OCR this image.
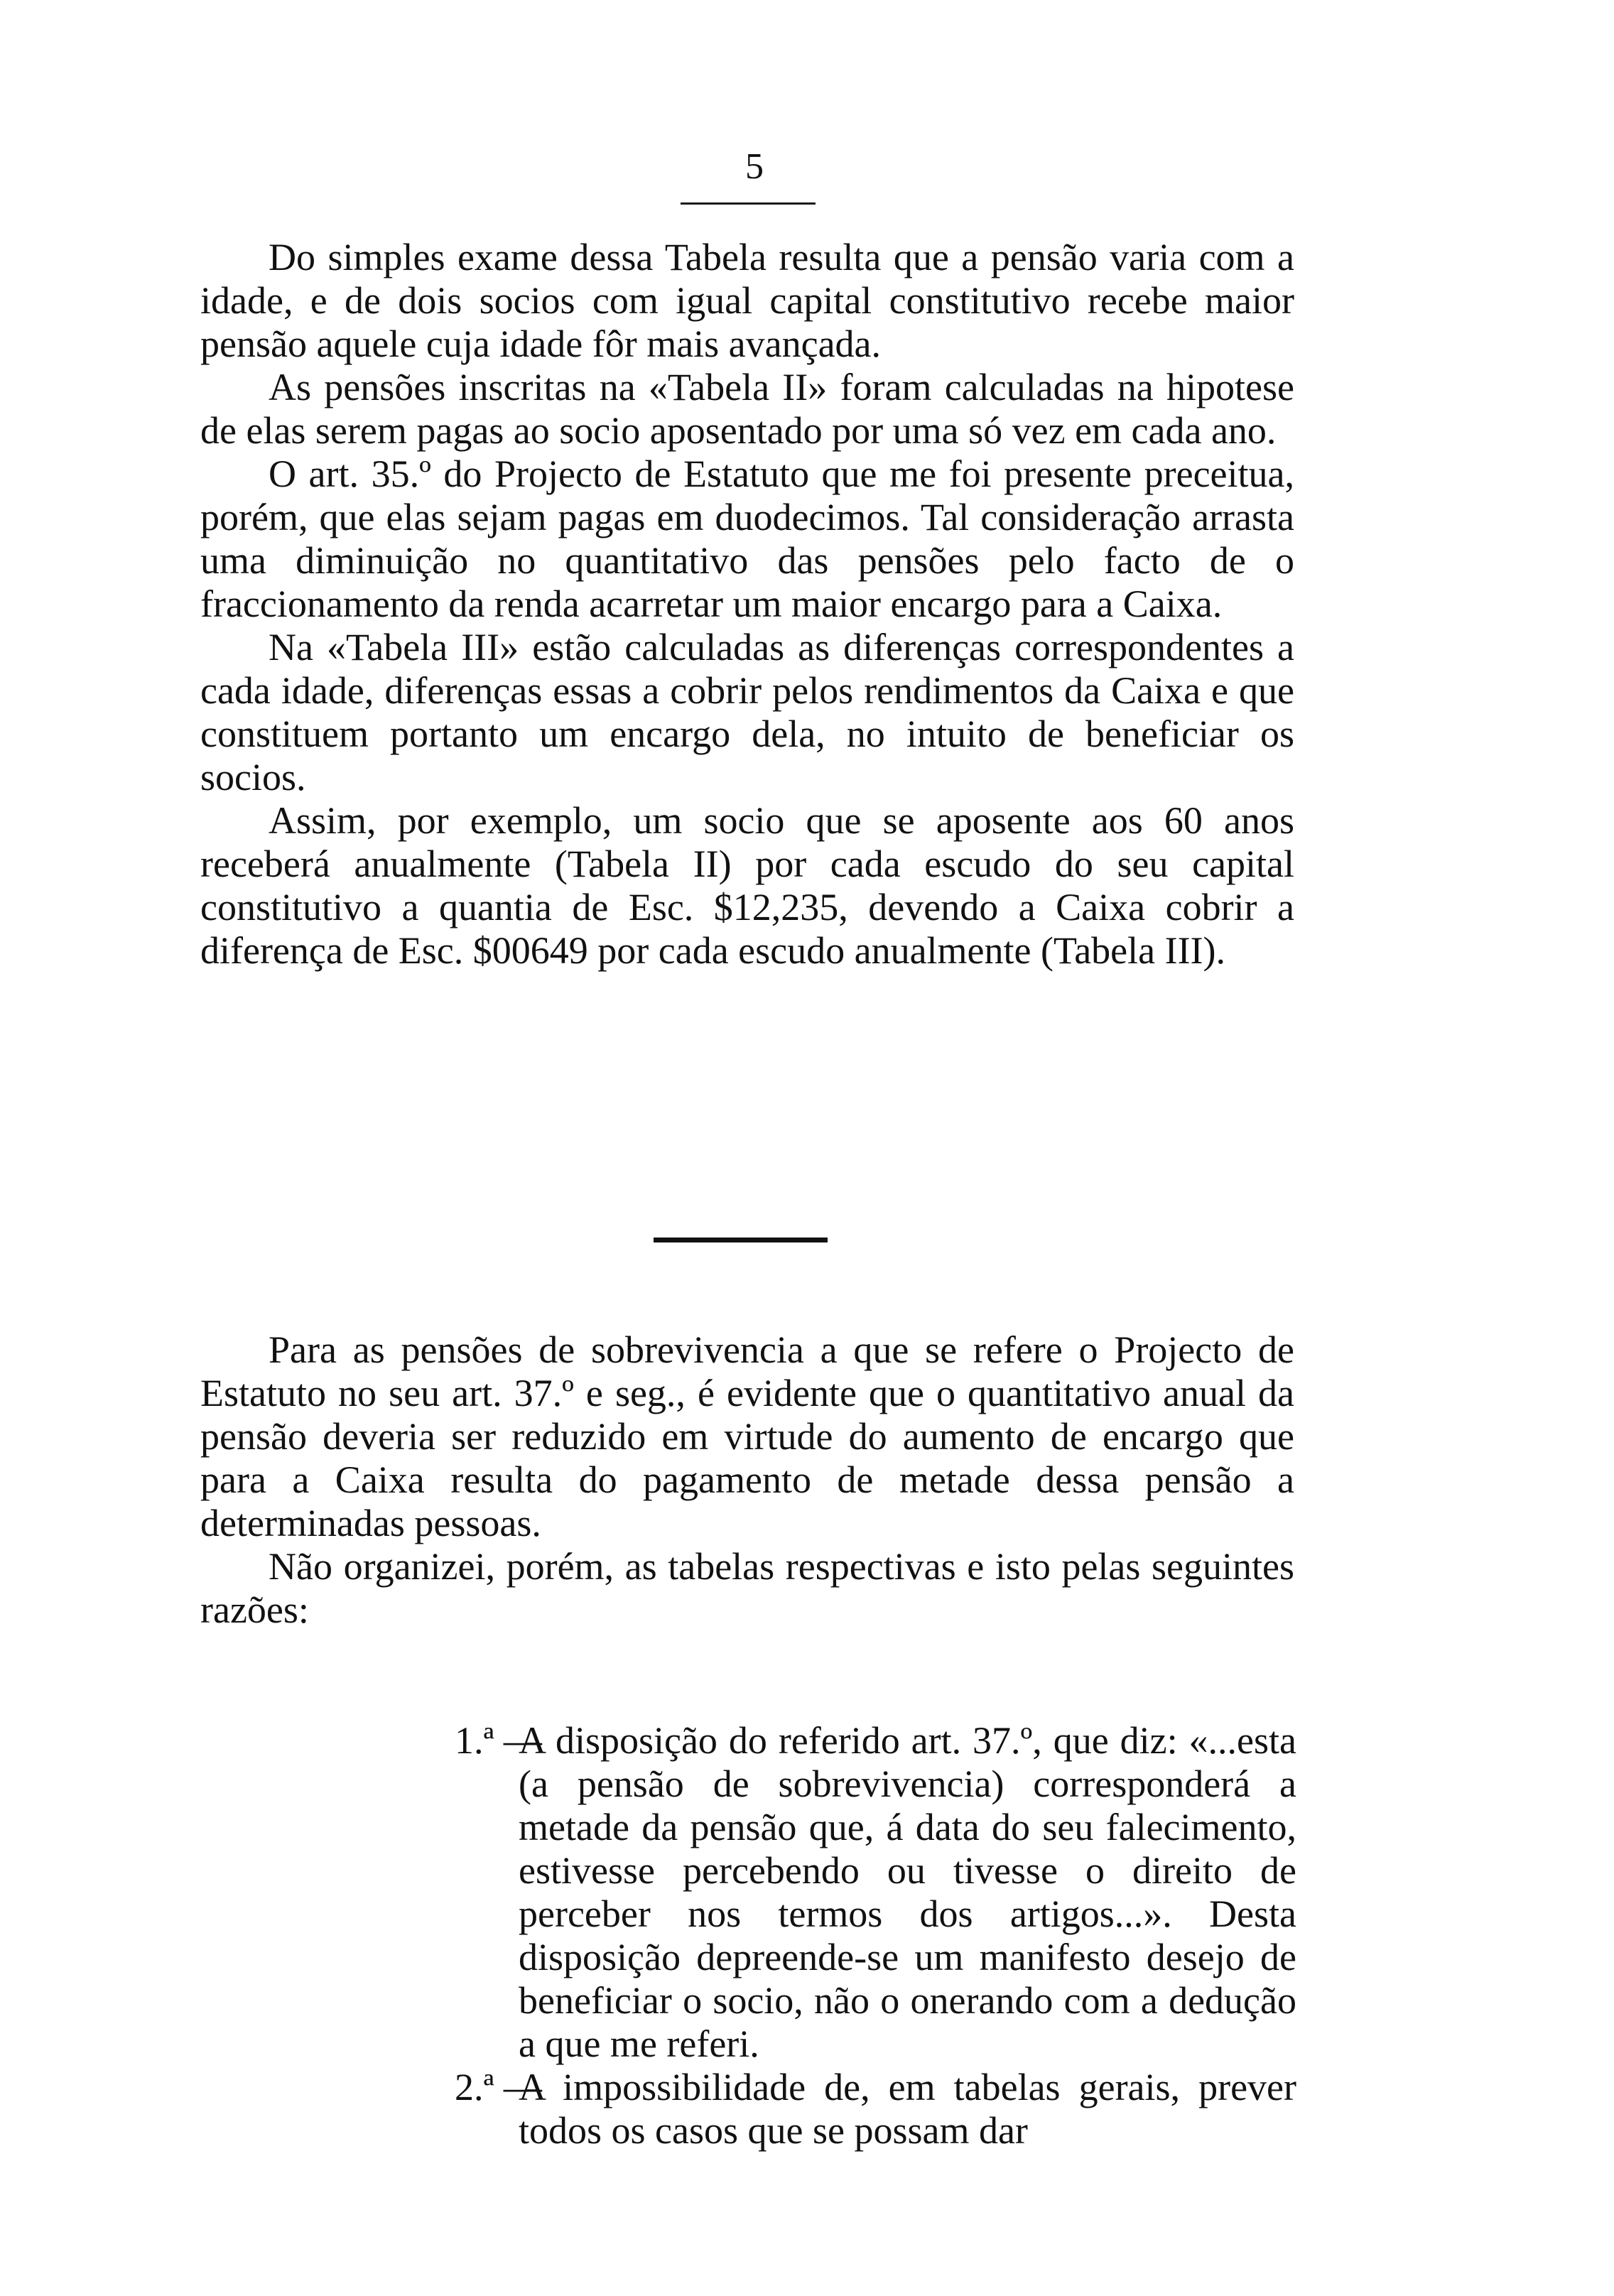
5

Do simples exame dessa Tabela resulta que a pensão varia com a idade, e de dois socios com igual capital constitutivo recebe maior pensão aquele cuja idade fôr mais avançada.

As pensões inscritas na «Tabela II» foram calculadas na hipotese de elas serem pagas ao socio aposentado por uma só vez em cada ano.

O art. 35.º do Projecto de Estatuto que me foi presente preceitua, porém, que elas sejam pagas em duodecimos. Tal consideração arrasta uma diminuição no quantitativo das pensões pelo facto de o fraccionamento da renda acarretar um maior encargo para a Caixa.

Na «Tabela III» estão calculadas as diferenças correspondentes a cada idade, diferenças essas a cobrir pelos rendimentos da Caixa e que constituem portanto um encargo dela, no intuito de beneficiar os socios.

Assim, por exemplo, um socio que se aposente aos 60 anos receberá anualmente (Tabela II) por cada escudo do seu capital constitutivo a quantia de Esc. $12,235, devendo a Caixa cobrir a diferença de Esc. $00649 por cada escudo anualmente (Tabela III).

Para as pensões de sobrevivencia a que se refere o Projecto de Estatuto no seu art. 37.º e seg., é evidente que o quantitativo anual da pensão deveria ser reduzido em virtude do aumento de encargo que para a Caixa resulta do pagamento de metade dessa pensão a determinadas pessoas.

Não organizei, porém, as tabelas respectivas e isto pelas seguintes razões:

1.ª —
A disposição do referido art. 37.º, que diz: «...esta (a pensão de sobrevivencia) corresponderá a metade da pensão que, á data do seu falecimento, estivesse percebendo ou tivesse o direito de perceber nos termos dos artigos...». Desta disposição depreende-se um manifesto desejo de beneficiar o socio, não o onerando com a dedução a que me referi.
2.ª —
A impossibilidade de, em tabelas gerais, prever todos os casos que se possam dar
